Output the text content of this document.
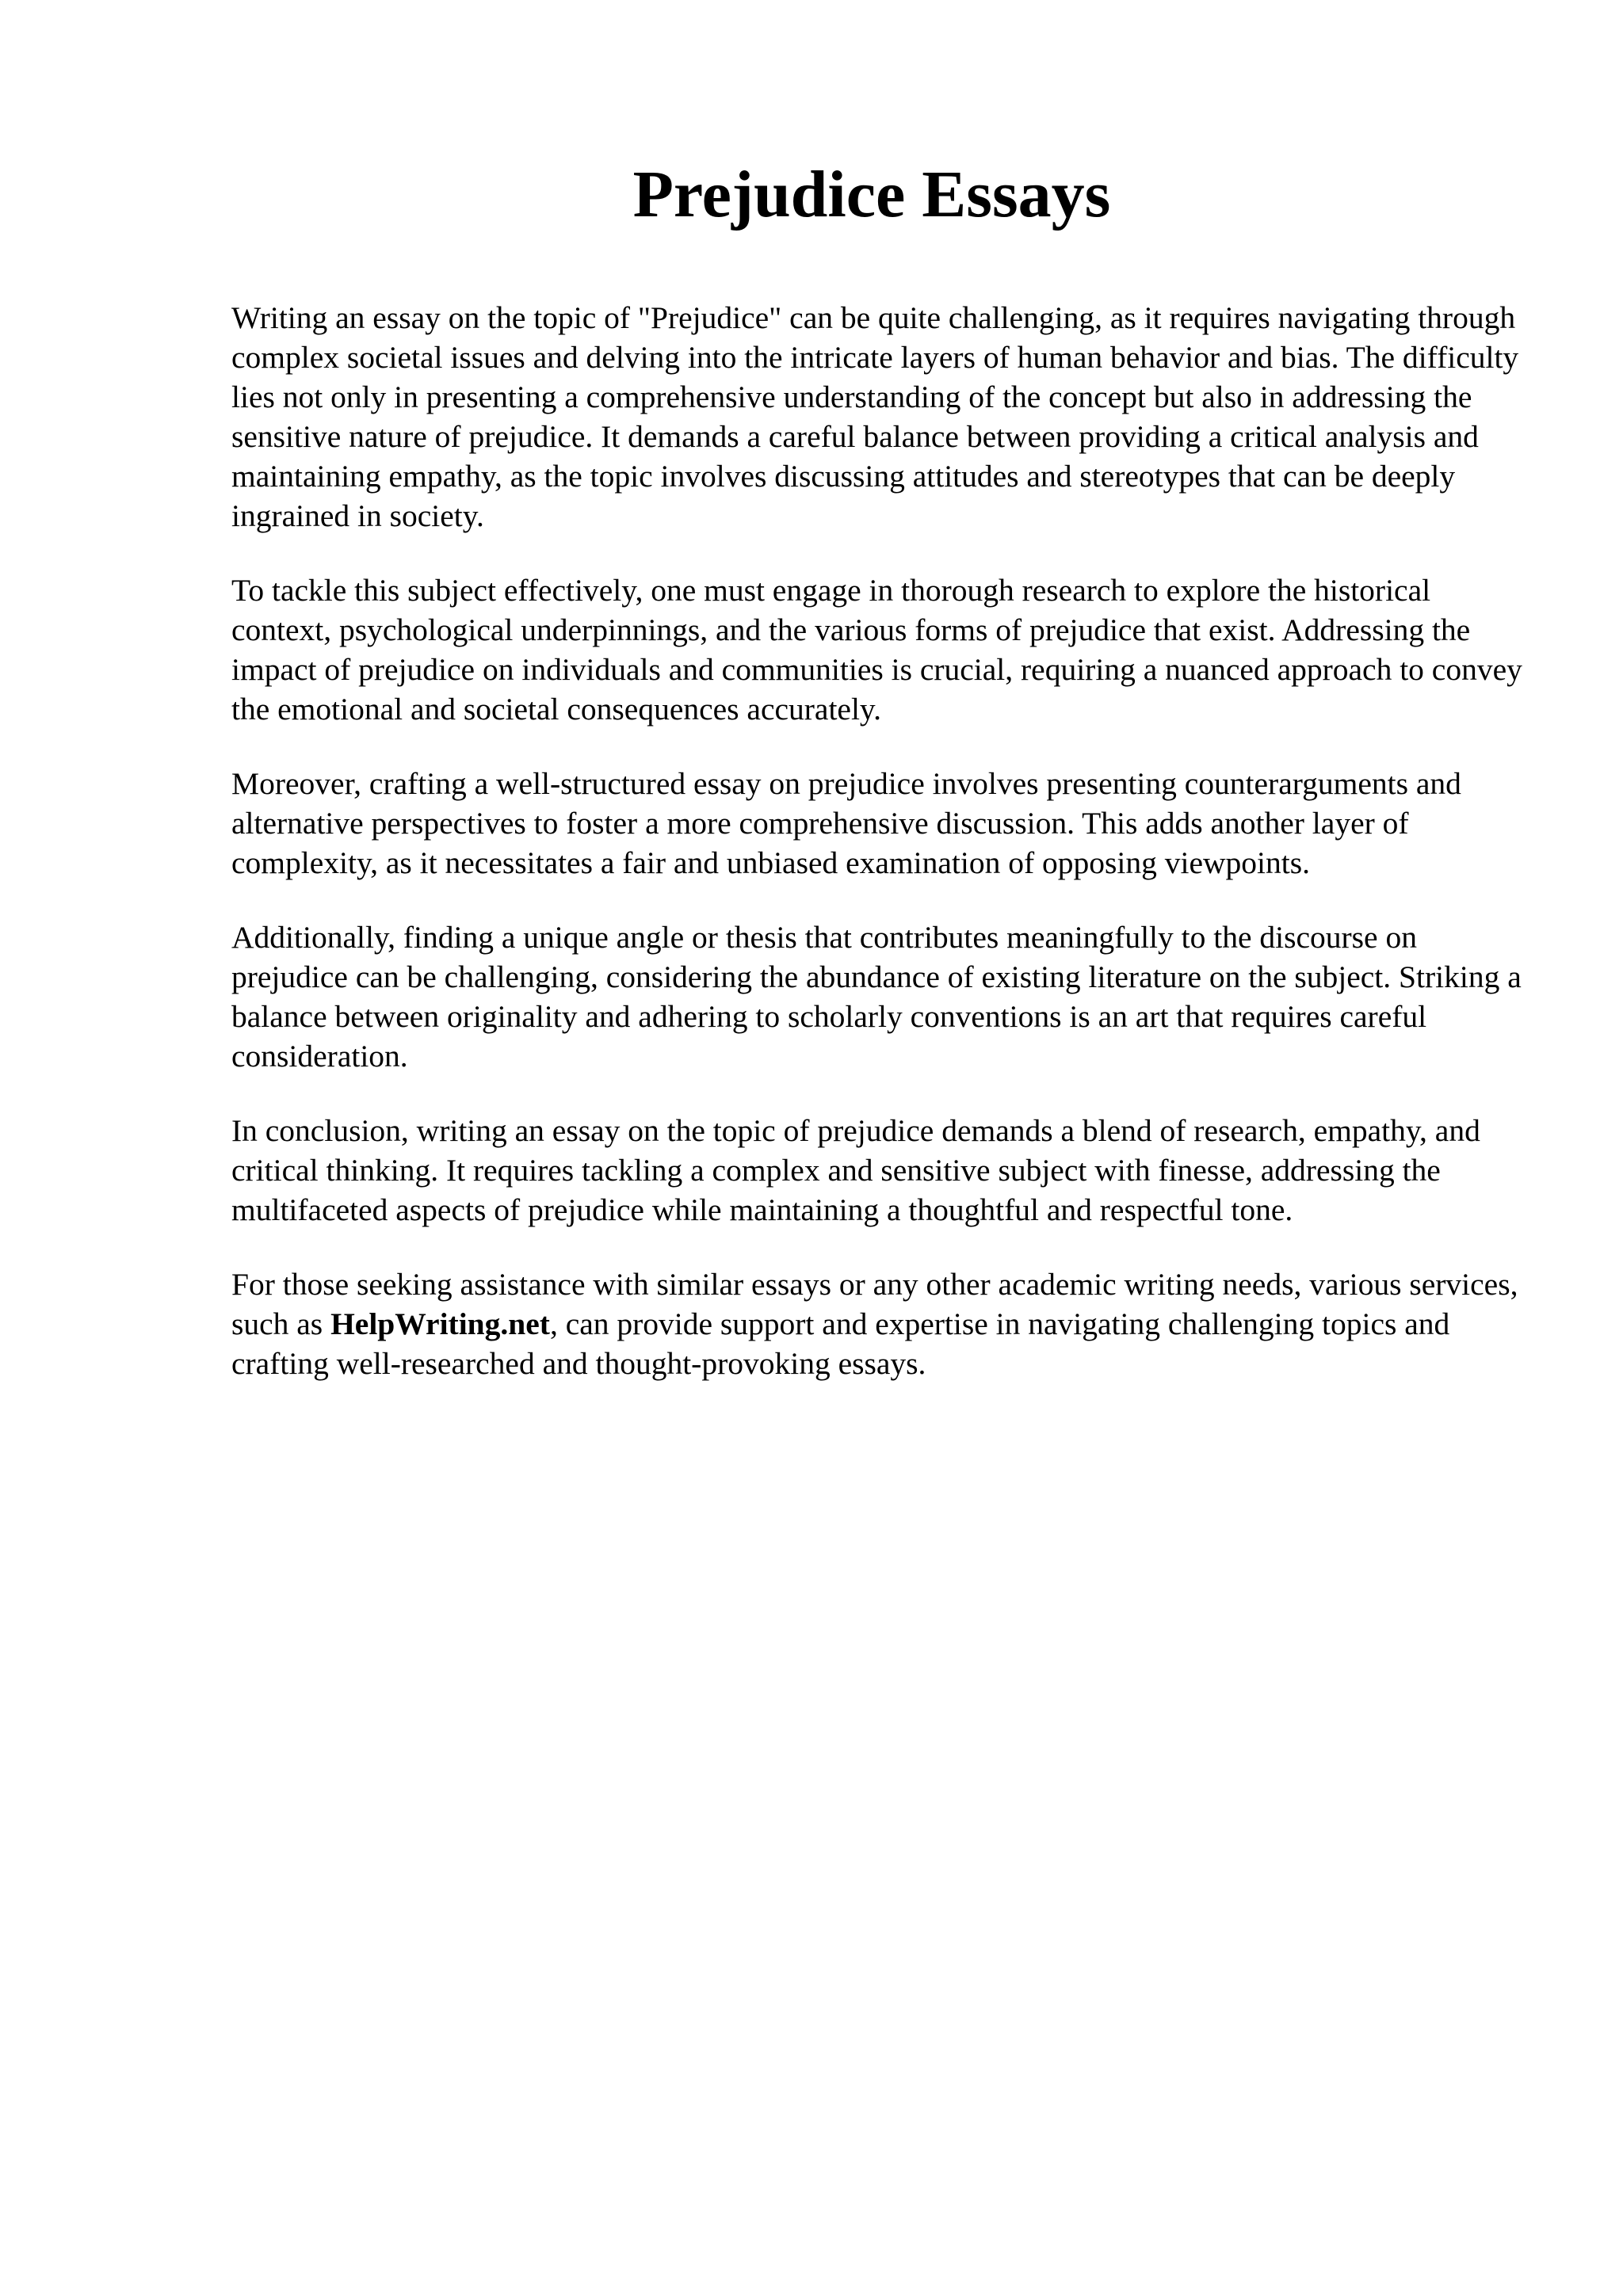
Prejudice Essays

Writing an essay on the topic of "Prejudice" can be quite challenging, as it requires navigating through complex societal issues and delving into the intricate layers of human behavior and bias. The difficulty lies not only in presenting a comprehensive understanding of the concept but also in addressing the sensitive nature of prejudice. It demands a careful balance between providing a critical analysis and maintaining empathy, as the topic involves discussing attitudes and stereotypes that can be deeply ingrained in society.

To tackle this subject effectively, one must engage in thorough research to explore the historical context, psychological underpinnings, and the various forms of prejudice that exist. Addressing the impact of prejudice on individuals and communities is crucial, requiring a nuanced approach to convey the emotional and societal consequences accurately.

Moreover, crafting a well-structured essay on prejudice involves presenting counterarguments and alternative perspectives to foster a more comprehensive discussion. This adds another layer of complexity, as it necessitates a fair and unbiased examination of opposing viewpoints.

Additionally, finding a unique angle or thesis that contributes meaningfully to the discourse on prejudice can be challenging, considering the abundance of existing literature on the subject. Striking a balance between originality and adhering to scholarly conventions is an art that requires careful consideration.

In conclusion, writing an essay on the topic of prejudice demands a blend of research, empathy, and critical thinking. It requires tackling a complex and sensitive subject with finesse, addressing the multifaceted aspects of prejudice while maintaining a thoughtful and respectful tone.

For those seeking assistance with similar essays or any other academic writing needs, various services, such as HelpWriting.net, can provide support and expertise in navigating challenging topics and crafting well-researched and thought-provoking essays.
